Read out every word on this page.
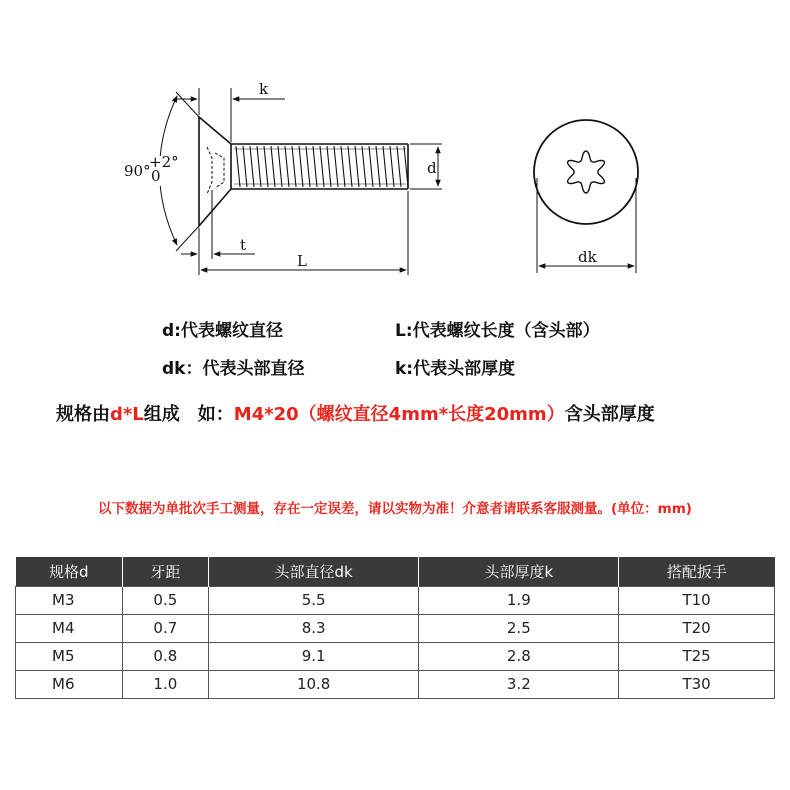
k
d
t
L
90°
+2°
0
dk
d:代表螺纹直径	L:代表螺纹长度（含头部）
dk：代表头部直径	k:代表头部厚度
规格由d*L组成　如：M4*20（螺纹直径4mm*长度20mm）含头部厚度
以下数据为单批次手工测量，存在一定误差，请以实物为准！介意者请联系客服测量。(单位：mm)
规格d	牙距	头部直径dk	头部厚度k	搭配扳手
M3	0.5	5.5	1.9	T10
M4	0.7	8.3	2.5	T20
M5	0.8	9.1	2.8	T25
M6	1.0	10.8	3.2	T30
